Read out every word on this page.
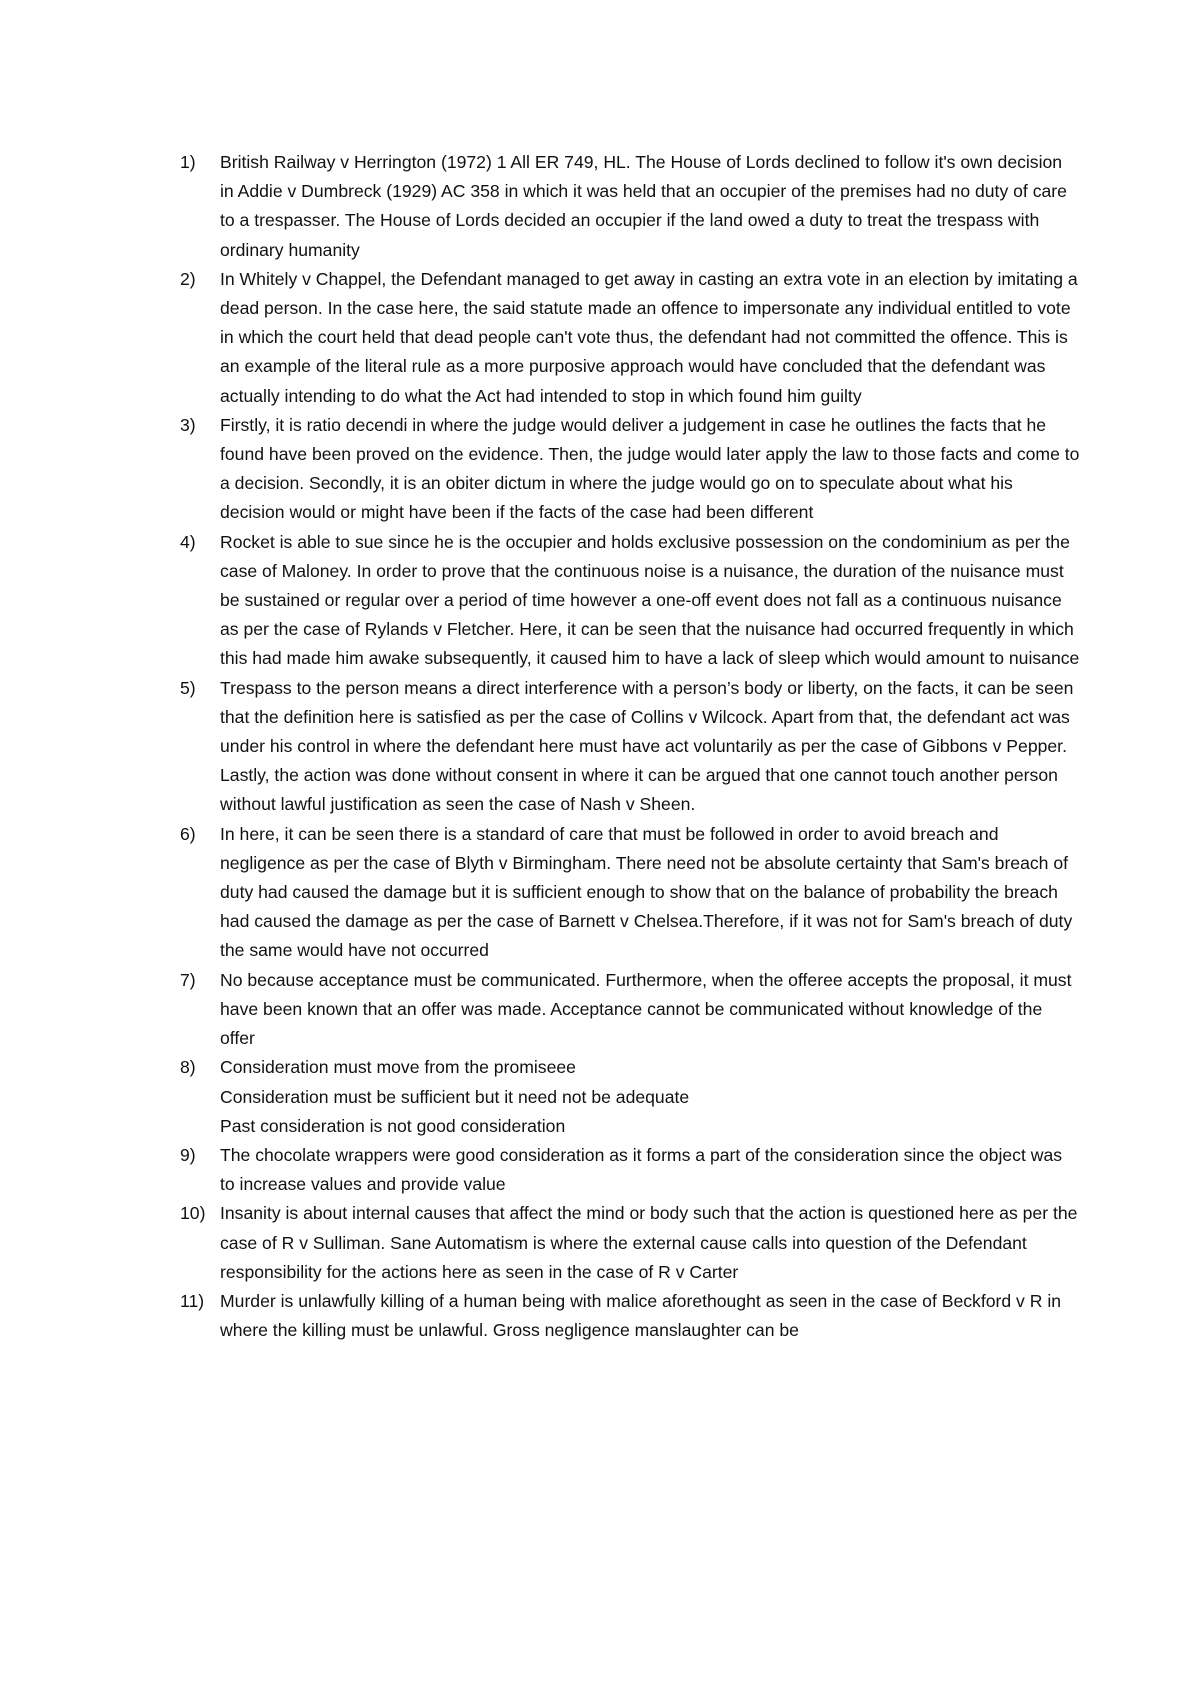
1)	British Railway v Herrington (1972) 1 All ER 749, HL. The House of Lords declined to follow it's own decision in Addie v Dumbreck (1929) AC 358 in which it was held that an occupier of the premises had no duty of care to a trespasser. The House of Lords decided an occupier if the land owed a duty to treat the trespass with ordinary humanity
2)	In Whitely v Chappel, the Defendant managed to get away in casting an extra vote in an election by imitating a dead person. In the case here, the said statute made an offence to impersonate any individual entitled to vote in which the court held that dead people can't vote thus, the defendant had not committed the offence. This is an example of the literal rule as a more purposive approach would have concluded that the defendant was actually intending to do what the Act had intended to stop in which found him guilty
3)	Firstly, it is ratio decendi in where the judge would deliver a judgement in case he outlines the facts that he found have been proved on the evidence. Then, the judge would later apply the law to those facts and come to a decision. Secondly, it is an obiter dictum in where the judge would go on to speculate about what his decision would or might have been if the facts of the case had been different
4)	Rocket is able to sue since he is the occupier and holds exclusive possession on the condominium as per the case of Maloney. In order to prove that the continuous noise is a nuisance, the duration of the nuisance must be sustained or regular over a period of time however a one-off event does not fall as a continuous nuisance as per the case of Rylands v Fletcher. Here, it can be seen that the nuisance had occurred frequently in which this had made him awake subsequently, it caused him to have a lack of sleep which would amount to nuisance
5)	Trespass to the person means a direct interference with a person’s body or liberty, on the facts, it can be seen that the definition here is satisfied as per the case of Collins v Wilcock. Apart from that, the defendant act was under his control in where the defendant here must have act voluntarily as per the case of Gibbons v Pepper. Lastly, the action was done without consent in where it can be argued that one cannot touch another person without lawful justification as seen the case of Nash v Sheen.
6)	In here, it can be seen there is a standard of care that must be followed in order to avoid breach and negligence as per the case of Blyth v Birmingham. There need not be absolute certainty that Sam's breach of duty had caused the damage but it is sufficient enough to show that on the balance of probability the breach had caused the damage as per the case of Barnett v Chelsea.Therefore, if it was not for Sam's breach of duty the same would have not occurred
7)	No because acceptance must be communicated. Furthermore, when the offeree accepts the proposal, it must have been known that an offer was made. Acceptance cannot be communicated without knowledge of the offer
8)	Consideration must move from the promiseee
Consideration must be sufficient but it need not be adequate
Past consideration is not good consideration
9)	The chocolate wrappers were good consideration as it forms a part of the consideration since the object was to increase values and provide value
10) Insanity is about internal causes that affect the mind or body such that the action is questioned here as per the case of R v Sulliman. Sane Automatism is where the external cause calls into question of the Defendant responsibility for the actions here as seen in the case of R v Carter
11) Murder is unlawfully killing of a human being with malice aforethought as seen in the case of Beckford v R in where the killing must be unlawful. Gross negligence manslaughter can be
